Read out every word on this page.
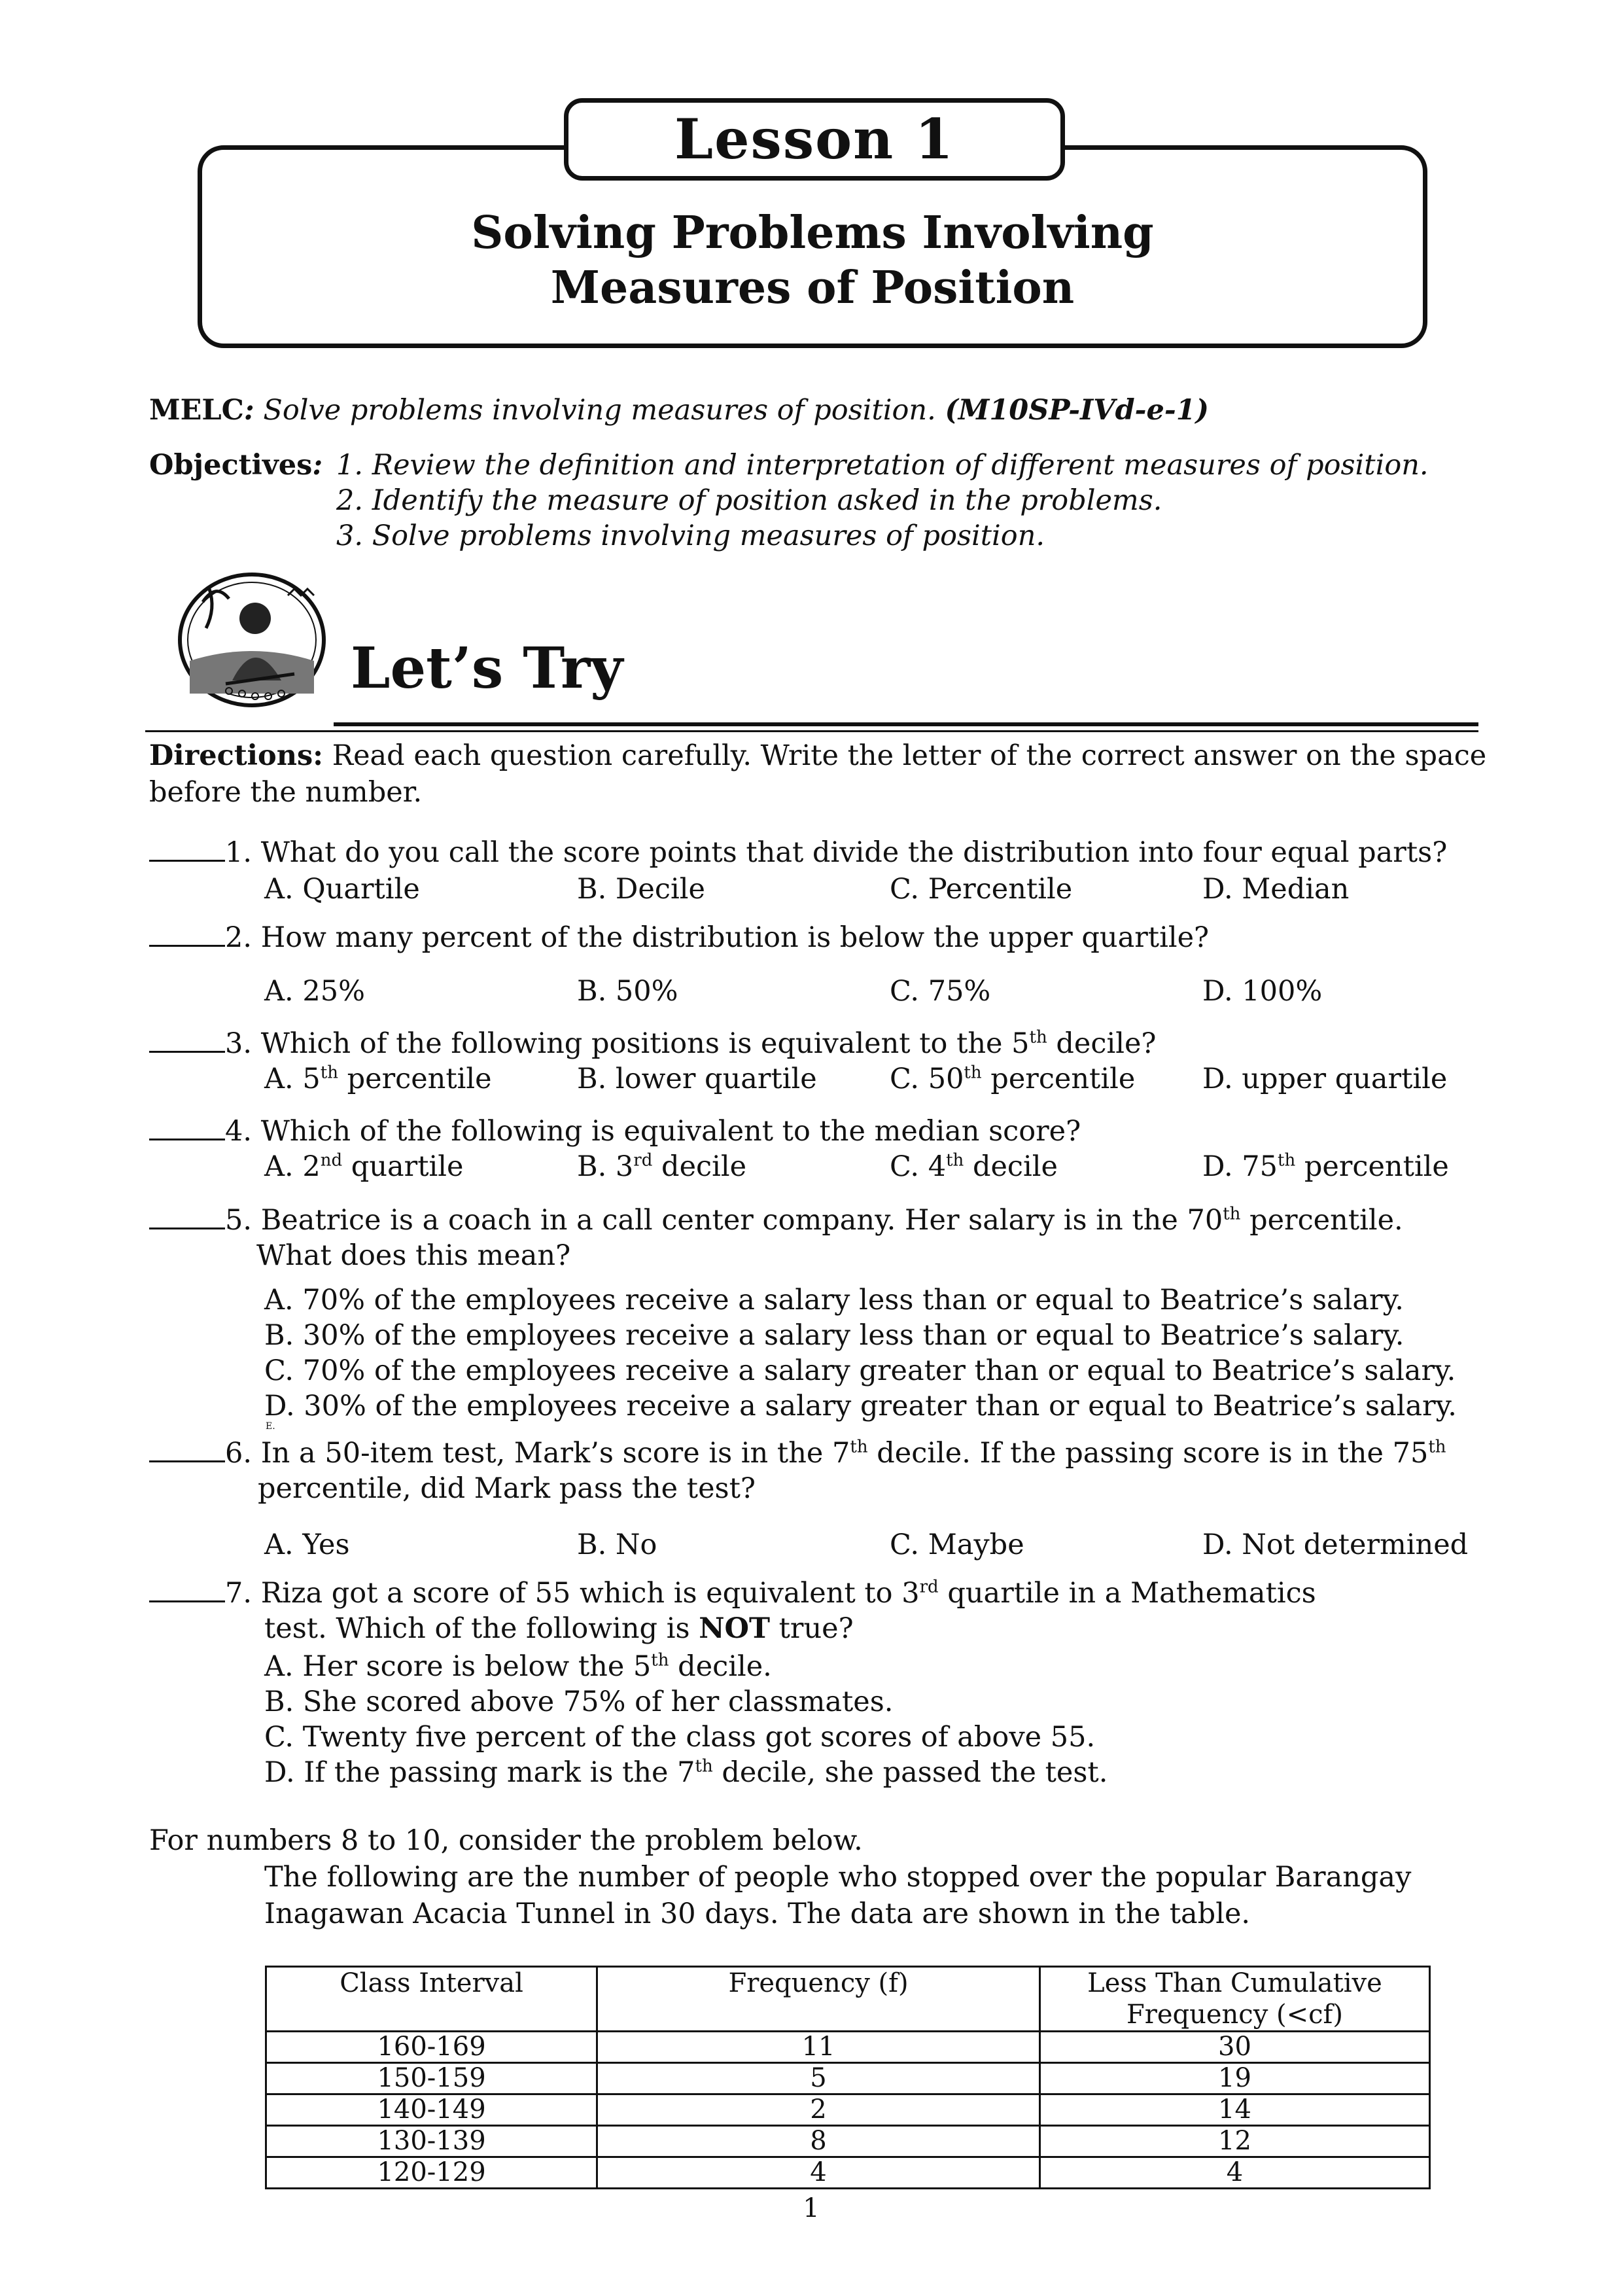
Lesson 1
Solving Problems Involving
Measures of Position
MELC: Solve problems involving measures of position. (M10SP-IVd-e-1)
Objectives: 1. Review the definition and interpretation of different measures of position.
2. Identify the measure of position asked in the problems.
3. Solve problems involving measures of position.
Let’s Try
Directions: Read each question carefully. Write the letter of the correct answer on the space
before the number.
1. What do you call the score points that divide the distribution into four equal parts?
A. Quartile	B. Decile	C. Percentile	D. Median
2. How many percent of the distribution is below the upper quartile?
A. 25%	B. 50%	C. 75%	D. 100%
3. Which of the following positions is equivalent to the 5th decile?
A. 5th percentile	B. lower quartile	C. 50th percentile D. upper quartile
4. Which of the following is equivalent to the median score?
A. 2nd quartile	B. 3rd decile	C. 4th decile	D. 75th percentile
5. Beatrice is a coach in a call center company. Her salary is in the 70th percentile.
What does this mean?
A. 70% of the employees receive a salary less than or equal to Beatrice’s salary.
B. 30% of the employees receive a salary less than or equal to Beatrice’s salary.
C. 70% of the employees receive a salary greater than or equal to Beatrice’s salary.
D. 30% of the employees receive a salary greater than or equal to Beatrice’s salary.
E.
6. In a 50-item test, Mark’s score is in the 7th decile. If the passing score is in the 75th
percentile, did Mark pass the test?
A. Yes	B. No	C. Maybe	D. Not determined
7. Riza got a score of 55 which is equivalent to 3rd quartile in a Mathematics
test. Which of the following is NOT true?
A. Her score is below the 5th decile.
B. She scored above 75% of her classmates.
C. Twenty five percent of the class got scores of above 55.
D. If the passing mark is the 7th decile, she passed the test.
For numbers 8 to 10, consider the problem below.
The following are the number of people who stopped over the popular Barangay
Inagawan Acacia Tunnel in 30 days. The data are shown in the table.
Class Interval	Frequency (f)	Less Than Cumulative
Frequency (<cf)
160-169	11	30
150-159	5	19
140-149	2	14
130-139	8	12
120-129	4	4
1
